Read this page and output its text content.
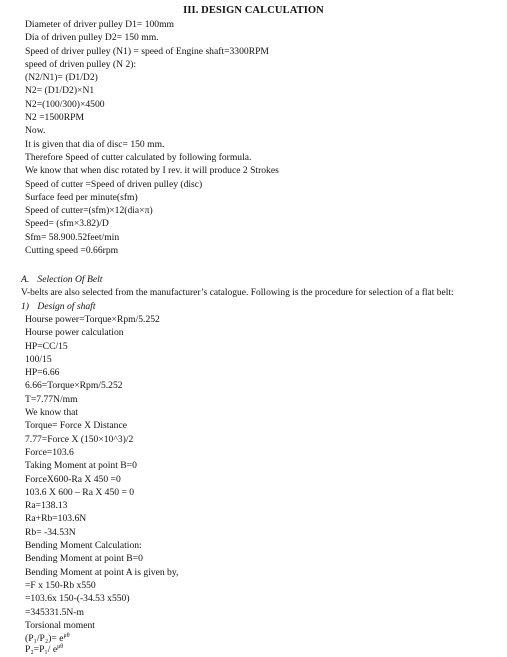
III. DESIGN CALCULATION
Diameter of driver pulley D1= 100mm
Dia of driven pulley D2= 150 mm.
Speed of driver pulley (N1) = speed of Engine shaft=3300RPM
speed of driven pulley (N 2):
(N2/N1)= (D1/D2)
N2= (D1/D2)×N1
N2=(100/300)×4500
N2 =1500RPM
Now.
It is given that dia of disc= 150 mm.
Therefore Speed of cutter calculated by following formula.
We know that when disc rotated by I rev. it will produce 2 Strokes
Speed of cutter =Speed of driven pulley (disc)
Surface feed per minute(sfm)
Speed of cutter=(sfm)×12(dia×π)
Speed= (sfm×3.82)/D
Sfm= 58.900.52feet/min
Cutting speed =0.66rpm
A. Selection Of Belt
V-belts are also selected from the manufacturer’s catalogue. Following is the procedure for selection of a flat belt:
1) Design of shaft
Hourse power=Torque×Rpm/5.252
Hourse power calculation
HP=CC/15
100/15
HP=6.66
6.66=Torque×Rpm/5.252
T=7.77N/mm
We know that
Torque= Force X Distance
7.77=Force X (150×10^3)/2
Force=103.6
Taking Moment at point B=0
ForceX600-Ra X 450 =0
103.6 X 600 – Ra X 450 = 0
Ra=138.13
Ra+Rb=103.6N
Rb= -34.53N
Bending Moment Calculation:
Bending Moment at point B=0
Bending Moment at point A is given by,
=F x 150-Rb x550
=103.6x 150-(-34.53 x550)
=345331.5N-m
Torsional moment
$(P_1/P_2)= e^{\mu\theta}$
P₂=P₁/ $e^{\mu\theta}$
